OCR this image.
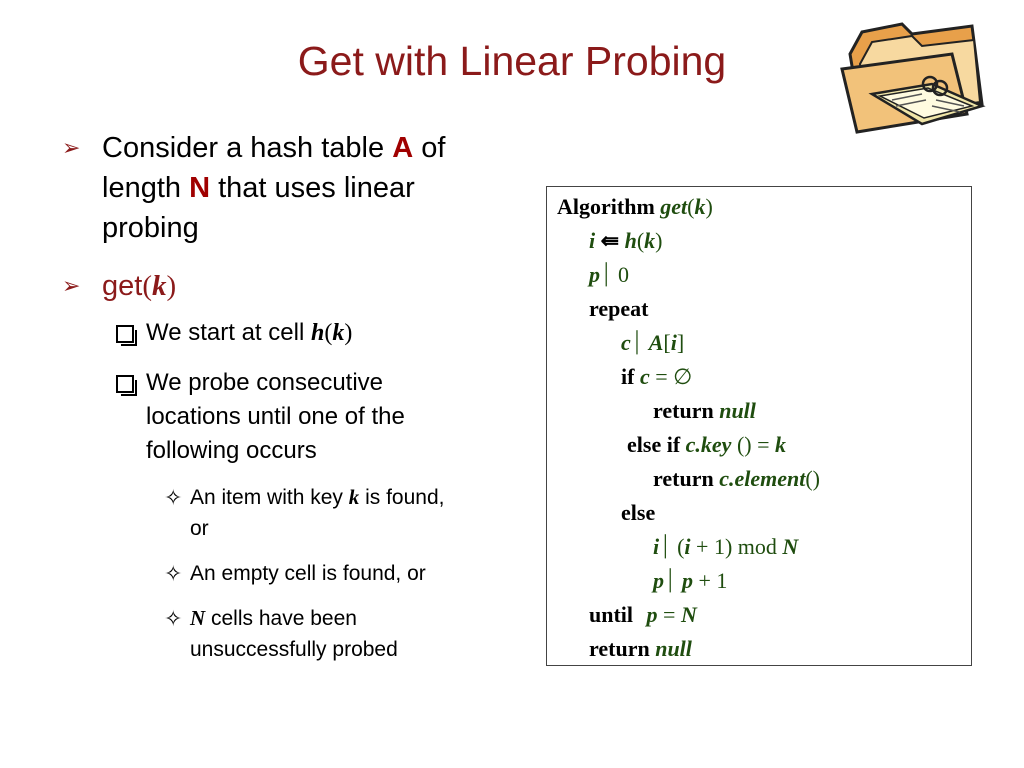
Get with Linear Probing
➢ Consider a hash table A of
length N that uses linear
probing
➢ get(k)
We start at cell h(k)
We probe consecutive
locations until one of the
following occurs
✧ An item with key k is found,
or
✧ An empty cell is found, or
✧ N cells have been
unsuccessfully probed
Algorithm get(k)
i ⇚ h(k)
p⏐ 0
repeat
c⏐ A[i]
if c = ∅
return null
else if c.key () = k
return c.element()
else
i⏐ (i + 1) mod N
p⏐ p + 1
until p = N
return null
